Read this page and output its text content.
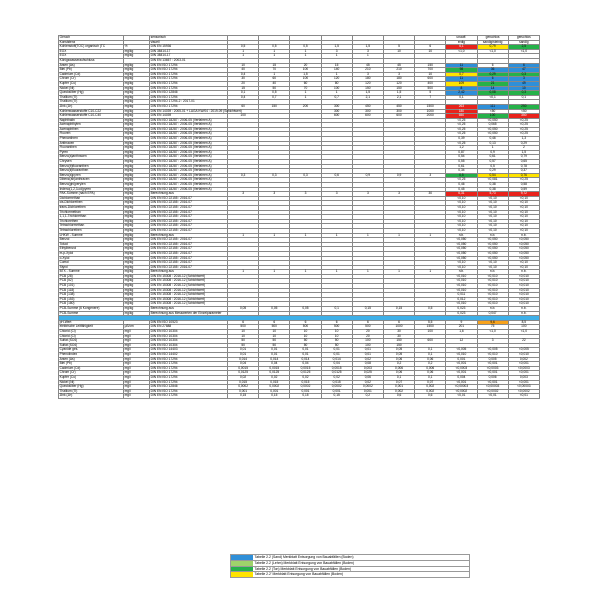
Geruch		sensorisch								unauff.	geruchlos	geruchlos
Konsistenz		visuell								erdig	sandig/steinig	sandig
Kohlenstoff(TOC) organisch (TC	%	DIN EN 15936	0,5	0,5	0,5	1,5	1,5	5	6	6,1	0,79	2,5
EOX	mg/kg	DIN 38414-17	1	1	1	3	3	10	10	<1,0	<1,0	<1,0
EOX	mg/kg	DIN 38414-17	1	1	1	1	1					
Königswasseraufschluss		DIN EN 13657 : 2003-01										
Arsen (As)	mg/kg	DIN EN ISO 17294	10	15	20	15	45	45	150	11	6	6
Blei (Pb)	mg/kg	DIN EN ISO 17294	40	70	100	140	210	210	700	98	36	47
Cadmium (Cd)	mg/kg	DIN EN ISO 17294	0,4	1	1,5	1	3	3	10	0,7	0,29	0,3
Chrom (Cr)	mg/kg	DIN EN ISO 17294	30	60	100	120	180	180	600	11	6	3
Kupfer (Cu)	mg/kg	DIN EN ISO 17294	20	40	60	80	120	120	400	109	21	49
Nickel (Ni)	mg/kg	DIN EN ISO 17294	15	50	70	100	150	150	500	8	14	10
Quecksilber (Hg)	mg/kg	DIN EN ISO 12846	0,1	0,5	1	1	1,5	1,5	5	2,42	0,08	0,3
Thallium (Tl)	mg/kg	DIN EN ISO 17294	0,4	0,7	1	0,7	2,1	2,1	7	0,1	<0,1	0,1
Thallium (Tl)	mg/kg	DIN EN ISO 17294-2 : 2017-01										
Zink (Zn)	mg/kg	DIN EN ISO 17294	60	150	200	300	450	450	1500	263	111	250
Kohlenwasserstoffe C10-C22	mg/kg	DIN EN 14039 : 2005-01 + LAGA KW/04 : 2019-09 (Schichtwert)				300	300	300	1000	180	<50	<50
Kohlenwasserstoffe C10-C40	mg/kg	DIN EN 14039	100			600	600	600	2000	650	100	350
Naphthalin	mg/kg	DIN EN ISO 18287 : 2006-05 (Verfahren A)								<0,25	<0,050	<0,25
Acenaphthylen	mg/kg	DIN EN ISO 18287 : 2006-05 (Verfahren A)								<0,25	0,065	<0,25
Acenaphthen	mg/kg	DIN EN ISO 18287 : 2006-05 (Verfahren A)								<0,25	<0,050	<0,25
Fluoren	mg/kg	DIN EN ISO 18287 : 2006-05 (Verfahren A)								<0,25	<0,050	<0,25
Phenanthren	mg/kg	DIN EN ISO 18287 : 2006-05 (Verfahren A)								0,39	0,46	1,3
Anthracen	mg/kg	DIN EN ISO 18287 : 2006-05 (Verfahren A)								<0,25	0,13	0,29
Fluoranthen	mg/kg	DIN EN ISO 18287 : 2006-05 (Verfahren A)								1,2	1	2
Pyren	mg/kg	DIN EN ISO 18287 : 2006-05 (Verfahren A)								0,87	0,9	1,5
Benzo(a)anthracen	mg/kg	DIN EN ISO 18287 : 2006-05 (Verfahren A)								0,54	0,61	0,79
Chrysen	mg/kg	DIN EN ISO 18287 : 2006-05 (Verfahren A)								0,55	0,57	0,65
Benzo(b)fluoranthen	mg/kg	DIN EN ISO 18287 : 2006-05 (Verfahren A)								0,61	0,5	0,78
Benzo(k)fluoranthen	mg/kg	DIN EN ISO 18287 : 2006-05 (Verfahren A)								0,34	0,29	0,37
Benzo(a)pyren	mg/kg	DIN EN ISO 18287 : 2006-05 (Verfahren A)	0,3	0,3	0,3	0,6	0,9	0,9	3	0,5	0,54	0,76
Dibenz(ah)anthracen	mg/kg	DIN EN ISO 18287 : 2006-05 (Verfahren A)								<0,25	<0,081	<0,25
Benzo(ghi)perylen	mg/kg	DIN EN ISO 18287 : 2006-05 (Verfahren A)								0,46	0,38	0,58
Indeno(1,2,3-cd)pyren	mg/kg	DIN EN ISO 18287 : 2006-05 (Verfahren A)								0,45	0,38	0,59
PAK-Summe (nach EPA)	mg/kg	Berechnung aus	3	3	3	3	3	3	30	6,31	5,73	9,72
Dichlormethan	mg/kg	DIN EN ISO 22155 : 2016-07								<0,10	<0,10	<0,10
cis-Dichlorethen	mg/kg	DIN EN ISO 22155 : 2016-07								<0,10	<0,10	<0,10
trans-Dichlorethen	mg/kg	DIN EN ISO 22155 : 2016-07								<0,10	<0,10	<0,10
Trichlormethan	mg/kg	DIN EN ISO 22155 : 2016-07								<0,10	<0,10	<0,10
1,1,1-Trichlorethan	mg/kg	DIN EN ISO 22155 : 2016-07								<0,10	<0,10	<0,10
Trichlorethen	mg/kg	DIN EN ISO 22155 : 2016-07								<0,10	<0,10	<0,10
Tetrachlormethan	mg/kg	DIN EN ISO 22155 : 2016-07								<0,10	<0,10	<0,10
Tetrachlorethen	mg/kg	DIN EN ISO 22155 : 2016-07								<0,10	<0,10	<0,10
LHKW - Summe	mg/kg	Berechnung aus	1	1	1	1	1	1	1	n.b.	n.b.	n.b.
Benzol	mg/kg	DIN EN ISO 22155 : 2016-07								<0,050	<0,050	<0,050
Toluol	mg/kg	DIN EN ISO 22155 : 2016-07								<0,050	<0,050	<0,050
Ethylbenzol	mg/kg	DIN EN ISO 22155 : 2016-07								<0,050	<0,050	<0,050
m-p-Xylol	mg/kg	DIN EN ISO 22155 : 2016-07								<0,050	<0,050	<0,050
o-Xylol	mg/kg	DIN EN ISO 22155 : 2016-07								<0,050	<0,050	<0,050
Cumol	mg/kg	DIN EN ISO 22155 : 2016-07								<0,10	<0,10	<0,10
Styrol	mg/kg	DIN EN ISO 22155 : 2016-07								<0,10	<0,10	<0,10
BTX - Summe	mg/kg	Berechnung aus	1	1	1	1	1	1	1	n.b.	n.b.	n.b.
PCB (28)	mg/kg	DIN EN 15308 : 2016-12 (Schichtwert)								<0,010	<0,010	<0,010
PCB (52)	mg/kg	DIN EN 15308 : 2016-12 (Schichtwert)								<0,010	<0,010	<0,010
PCB (101)	mg/kg	DIN EN 15308 : 2016-12 (Schichtwert)								<0,010	<0,010	<0,010
PCB (118)	mg/kg	DIN EN 15308 : 2016-12 (Schichtwert)								<0,010	<0,010	<0,010
PCB (138)	mg/kg	DIN EN 15308 : 2016-12 (Schichtwert)								0,011	<0,010	<0,010
PCB (153)	mg/kg	DIN EN 15308 : 2016-12 (Schichtwert)								0,012	<0,010	<0,010
PCB (180)	mg/kg	DIN EN 15308 : 2016-12 (Schichtwert)								<0,010	<0,010	<0,010
PCB-Summe (6 Kongenere)	mg/kg	Berechnung aus	0,05	0,05	0,05	0,1	0,15	0,15	0,5	0,023	n.b.	n.b.
PCB-Summe	mg/kg	Berechnung aus Messwerten der Einzelparameter								0,023	0,047	n.b.

pH-Wert		DIN EN ISO 10523	6	6	6	6	6	6	5,5	9	9,6	8,5
elektrische Leitfähigkeit	µS/cm	DIN EN 27888	500	500	500	500	500	1000	1500	201	75	100
Chlorid (Cl)	mg/l	DIN EN ISO 10304	10	10	10	10	20	30	100	1,6	<1,0	<1,0
Chlorid (Cl)	mg/l	DIN EN ISO 10304	10	10	10	10	20	30				
Sulfat (SO4)	mg/l	DIN EN ISO 10304	50	50	50	50	100	150	600	12	3	22
Sulfat (SO4)	mg/l	DIN EN ISO 10304	50	50	50	50	100	150				
Cyanide ges.	mg/l	DIN EN ISO 14403	0,01	0,01	0,01	0,01	0,01	0,05	0,1	<0,005	<0,005	<0,005
Phenolindex	mg/l	DIN EN ISO 14402	0,01	0,01	0,01	0,01	0,01	0,05	0,1	<0,010	<0,010	<0,010
Arsen (As)	mg/l	DIN EN ISO 17294	0,014	0,014	0,014	0,014	0,02	0,06	0,06	0,001	0,005	0,002
Blei (Pb)	mg/l	DIN EN ISO 17294	0,04	0,04	0,04	0,04	0,08	0,2	0,2	<0,001	<0,001	<0,001
Cadmium (Cd)	mg/l	DIN EN ISO 17294	0,0015	0,0015	0,0015	0,0015	0,003	0,006	0,006	<0,0003	<0,0003	<0,0003
Chrom (Cr)	mg/l	DIN EN ISO 17294	0,0125	0,0125	0,0125	0,0125	0,025	0,06	0,06	<0,001	<0,001	<0,001
Kupfer (Cu)	mg/l	DIN EN ISO 17294	0,02	0,02	0,02	0,02	0,06	0,1	0,1	0,004	0,006	0,003
Nickel (Ni)	mg/l	DIN EN ISO 17294	0,015	0,015	0,015	0,015	0,02	0,07	0,07	<0,001	<0,001	<0,001
Quecksilber (Hg)	mg/l	DIN EN ISO 12846	0,0002	0,0002	0,0002	0,0002	0,0002	0,001	0,002	<0,00003	<0,00003	<0,00003
Thallium (Tl)	mg/l	DIN EN ISO 17294	0,001	0,001	0,001	0,001	0,001	0,002	0,002	<0,0002	<0,0002	<0,0002
Zink (Zn)	mg/l	DIN EN ISO 17294	0,15	0,15	0,15	0,15	0,2	0,6	0,6	<0,01	<0,01	<0,01
Tabelle 2.2 (Sand) Merkblatt Entsorgung von Bauabfällen (Boden)
Tabelle 2.2 (Lehm) Merkblatt Entsorgung von Bauabfällen (Boden)
Tabelle 2.2 (Ton) Merkblatt Entsorgung von Bauabfällen (Boden)
Tabelle 2.2' Merkblatt Entsorgung von Bauabfällen (Boden)
